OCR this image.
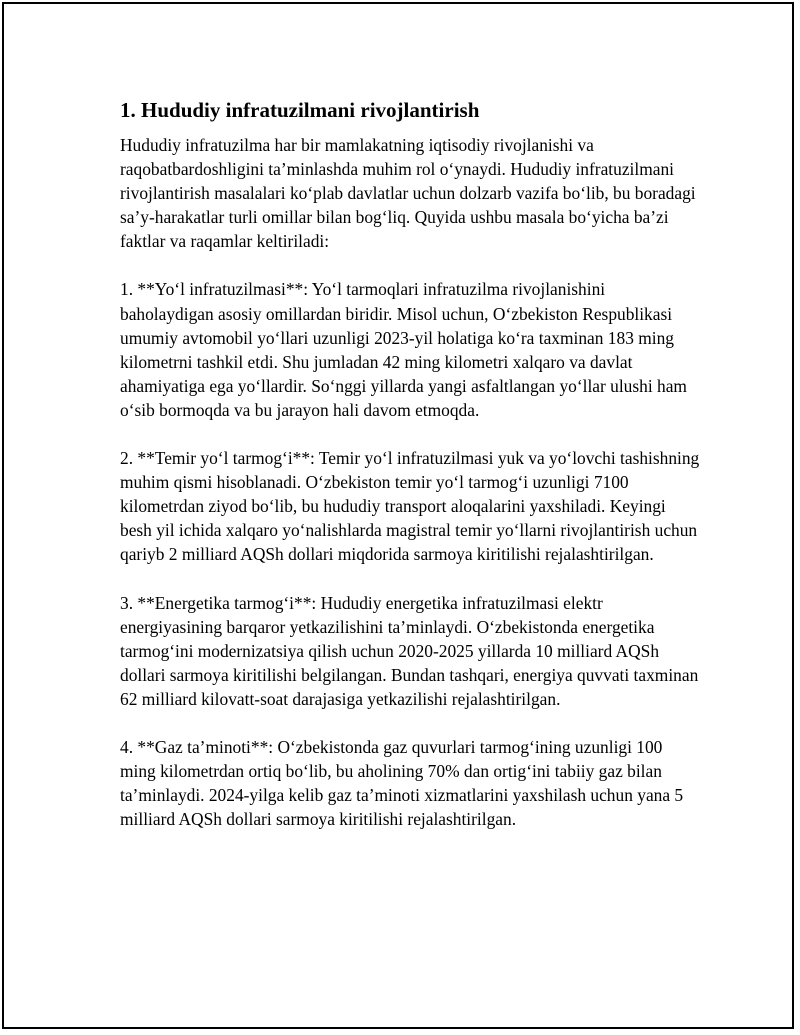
1. Hududiy infratuzilmani rivojlantirish

Hududiy infratuzilma har bir mamlakatning iqtisodiy rivojlanishi va raqobatbardoshligini ta’minlashda muhim rol o‘ynaydi. Hududiy infratuzilmani rivojlantirish masalalari ko‘plab davlatlar uchun dolzarb vazifa bo‘lib, bu boradagi sa’y-harakatlar turli omillar bilan bog‘liq. Quyida ushbu masala bo‘yicha ba’zi faktlar va raqamlar keltiriladi:

1. **Yo‘l infratuzilmasi**: Yo‘l tarmoqlari infratuzilma rivojlanishini baholaydigan asosiy omillardan biridir. Misol uchun, O‘zbekiston Respublikasi umumiy avtomobil yo‘llari uzunligi 2023-yil holatiga ko‘ra taxminan 183 ming kilometrni tashkil etdi. Shu jumladan 42 ming kilometri xalqaro va davlat ahamiyatiga ega yo‘llardir. So‘nggi yillarda yangi asfaltlangan yo‘llar ulushi ham o‘sib bormoqda va bu jarayon hali davom etmoqda.

2. **Temir yo‘l tarmog‘i**: Temir yo‘l infratuzilmasi yuk va yo‘lovchi tashishning muhim qismi hisoblanadi. O‘zbekiston temir yo‘l tarmog‘i uzunligi 7100 kilometrdan ziyod bo‘lib, bu hududiy transport aloqalarini yaxshiladi. Keyingi besh yil ichida xalqaro yo‘nalishlarda magistral temir yo‘llarni rivojlantirish uchun qariyb 2 milliard AQSh dollari miqdorida sarmoya kiritilishi rejalashtirilgan.

3. **Energetika tarmog‘i**: Hududiy energetika infratuzilmasi elektr energiyasining barqaror yetkazilishini ta’minlaydi. O‘zbekistonda energetika tarmog‘ini modernizatsiya qilish uchun 2020-2025 yillarda 10 milliard AQSh dollari sarmoya kiritilishi belgilangan. Bundan tashqari, energiya quvvati taxminan 62 milliard kilovatt-soat darajasiga yetkazilishi rejalashtirilgan.

4. **Gaz ta’minoti**: O‘zbekistonda gaz quvurlari tarmog‘ining uzunligi 100 ming kilometrdan ortiq bo‘lib, bu aholining 70% dan ortig‘ini tabiiy gaz bilan ta’minlaydi. 2024-yilga kelib gaz ta’minoti xizmatlarini yaxshilash uchun yana 5 milliard AQSh dollari sarmoya kiritilishi rejalashtirilgan.
